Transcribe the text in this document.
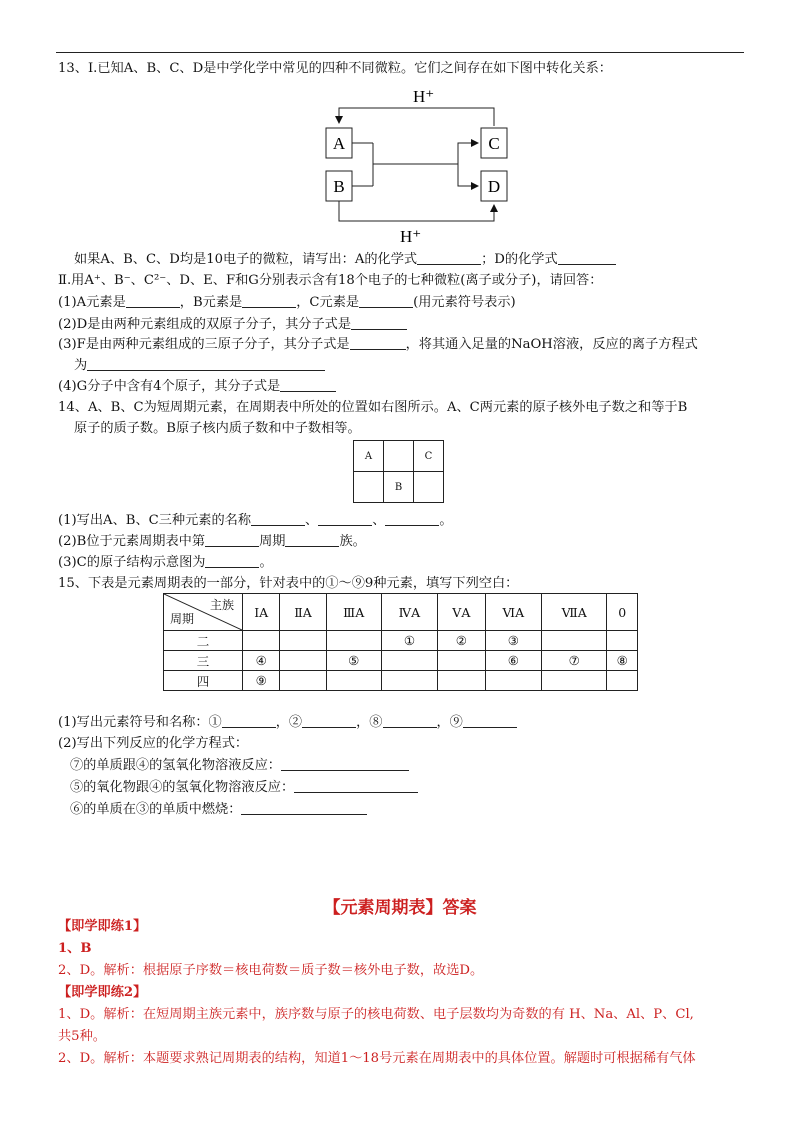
13、Ⅰ.已知A、B、C、D是中学化学中常见的四种不同微粒。它们之间存在如下图中转化关系：
A
B
C
D
H⁺
H⁺
如果A、B、C、D均是10电子的微粒，请写出：A的化学式	；D的化学式
Ⅱ.用A⁺、B⁻、C²⁻、D、E、F和G分别表示含有18个电子的七种微粒(离子或分子)，请回答：
(1)A元素是	，B元素是	，C元素是	(用元素符号表示)
(2)D是由两种元素组成的双原子分子，其分子式是
(3)F是由两种元素组成的三原子分子，其分子式是	，将其通入足量的NaOH溶液，反应的离子方程式
为
(4)G分子中含有4个原子，其分子式是
14、A、B、C为短周期元素，在周期表中所处的位置如右图所示。A、C两元素的原子核外电子数之和等于B
原子的质子数。B原子核内质子数和中子数相等。
A		C
	B	
(1)写出A、B、C三种元素的名称	、	、	。
(2)B位于元素周期表中第	周期	族。
(3)C的原子结构示意图为	。
15、下表是元素周期表的一部分，针对表中的①～⑨9种元素，填写下列空白：
主族
周期	ⅠA	ⅡA	ⅢA	ⅣA	ⅤA	ⅥA	ⅦA	0
二				①	②	③		
三	④		⑤			⑥	⑦	⑧
四	⑨							
(1)写出元素符号和名称：①	，②	，⑧	，⑨
(2)写出下列反应的化学方程式：
⑦的单质跟④的氢氧化物溶液反应：
⑤的氧化物跟④的氢氧化物溶液反应：
⑥的单质在③的单质中燃烧：
【元素周期表】答案
【即学即练1】
1、B
2、D。解析：根据原子序数＝核电荷数＝质子数＝核外电子数，故选D。
【即学即练2】
1、D。解析：在短周期主族元素中，族序数与原子的核电荷数、电子层数均为奇数的有 H、Na、Al、P、Cl,
共5种。
2、D。解析：本题要求熟记周期表的结构，知道1～18号元素在周期表中的具体位置。解题时可根据稀有气体
